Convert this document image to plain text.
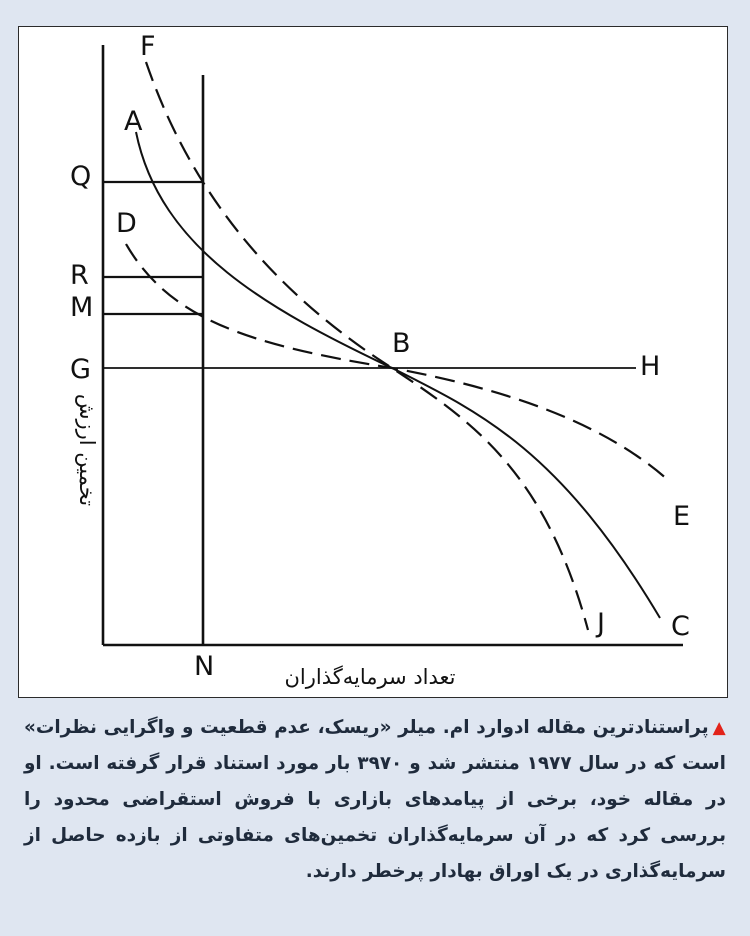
F
A
Q
D
R
M
G
B
H
E
J C
N	تعداد سرمایه‌گذاران
تخمین ارزش
▲پراستنادترین مقاله ادوارد ام. میلر «ریسک، عدم قطعیت و واگرایی نظرات» است که در سال ۱۹۷۷ منتشر شد و ۳۹۷۰ بار مورد استناد قرار گرفته است. او در مقاله خود، برخی از پیامدهای بازاری با فروش استقراضی محدود را بررسی کرد که در آن سرمایه‌گذاران تخمین‌های متفاوتی از بازده حاصل از سرمایه‌گذاری در یک اوراق بهادار پرخطر دارند.
